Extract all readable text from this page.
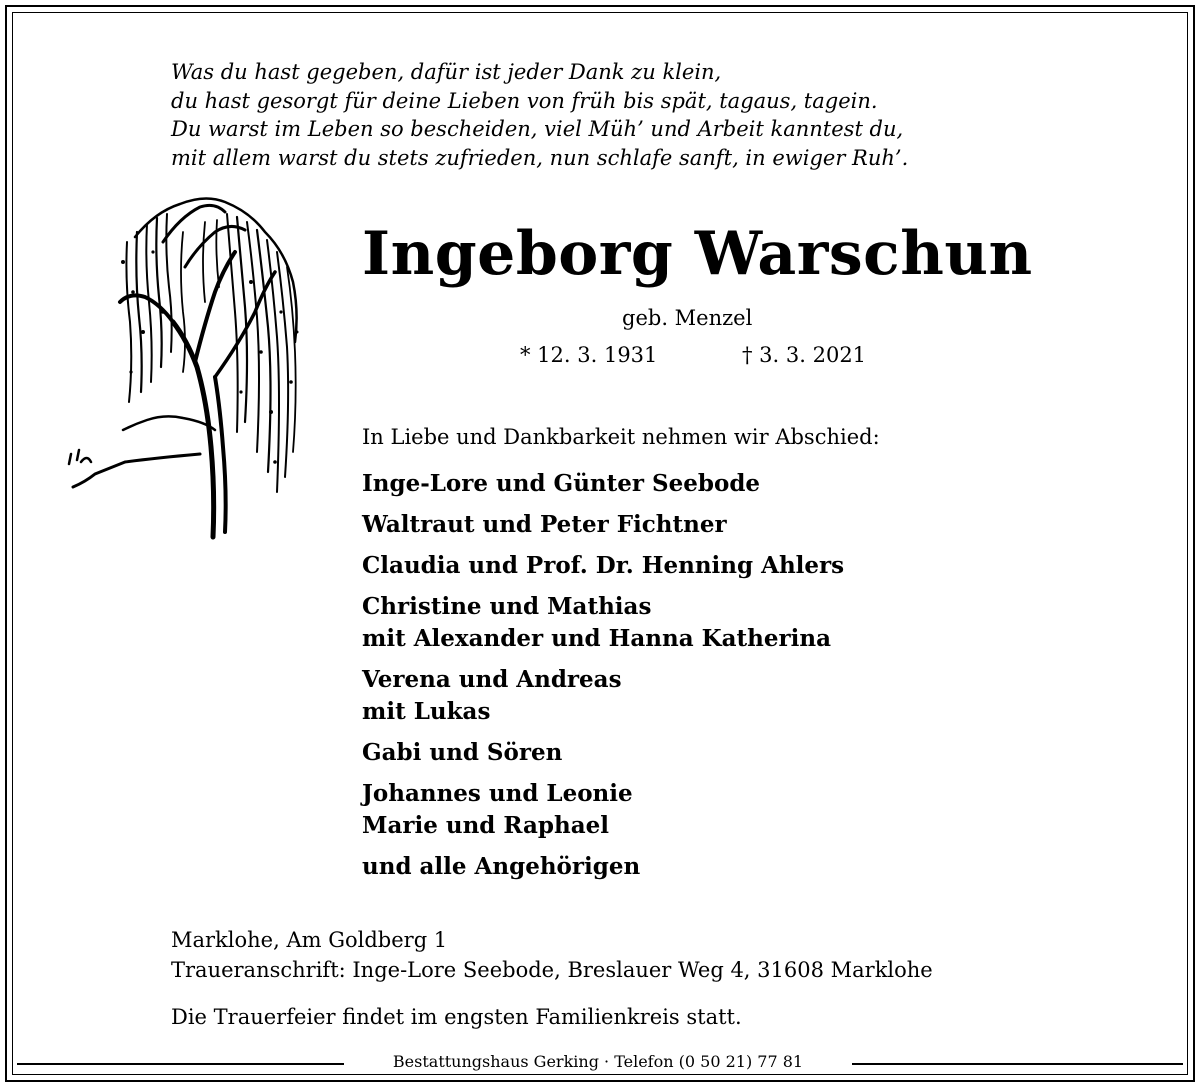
Was du hast gegeben, dafür ist jeder Dank zu klein,
du hast gesorgt für deine Lieben von früh bis spät, tagaus, tagein.
Du warst im Leben so bescheiden, viel Müh’ und Arbeit kanntest du,
mit allem warst du stets zufrieden, nun schlafe sanft, in ewiger Ruh’.
Ingeborg Warschun
geb. Menzel
* 12. 3. 1931	† 3. 3. 2021
In Liebe und Dankbarkeit nehmen wir Abschied:
Inge-Lore und Günter Seebode
Waltraut und Peter Fichtner
Claudia und Prof. Dr. Henning Ahlers
Christine und Mathias
mit Alexander und Hanna Katherina
Verena und Andreas
mit Lukas
Gabi und Sören
Johannes und Leonie
Marie und Raphael
und alle Angehörigen
Marklohe, Am Goldberg 1
Traueranschrift: Inge-Lore Seebode, Breslauer Weg 4, 31608 Marklohe
Die Trauerfeier findet im engsten Familienkreis statt.
Bestattungshaus Gerking · Telefon (0 50 21) 77 81
